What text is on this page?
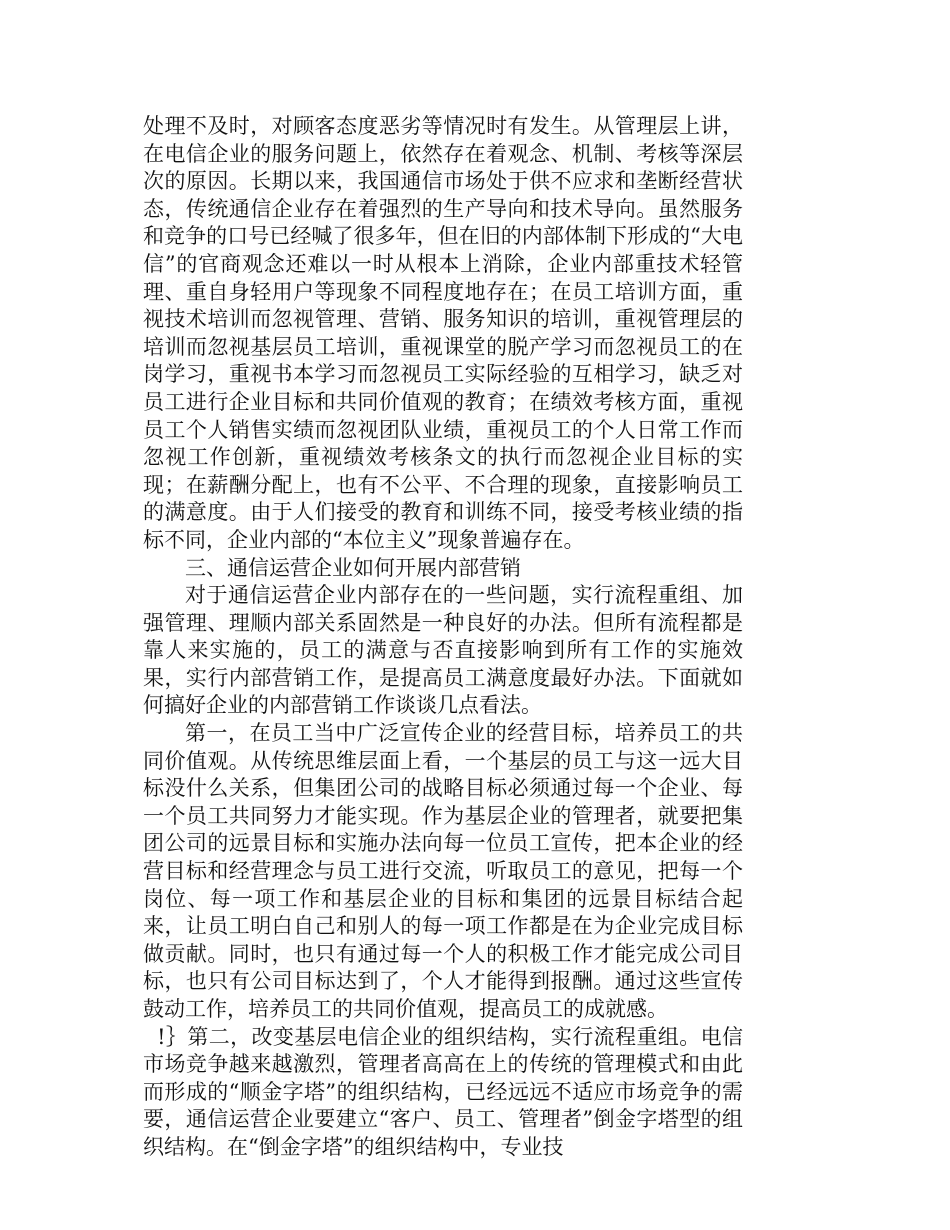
处理不及时，对顾客态度恶劣等情况时有发生。从管理层上讲，在电信企业的服务问题上，依然存在着观念、机制、考核等深层次的原因。长期以来，我国通信市场处于供不应求和垄断经营状态，传统通信企业存在着强烈的生产导向和技术导向。虽然服务和竞争的口号已经喊了很多年，但在旧的内部体制下形成的“大电信”的官商观念还难以一时从根本上消除，企业内部重技术轻管理、重自身轻用户等现象不同程度地存在；在员工培训方面，重视技术培训而忽视管理、营销、服务知识的培训，重视管理层的培训而忽视基层员工培训，重视课堂的脱产学习而忽视员工的在岗学习，重视书本学习而忽视员工实际经验的互相学习，缺乏对员工进行企业目标和共同价值观的教育；在绩效考核方面，重视员工个人销售实绩而忽视团队业绩，重视员工的个人日常工作而忽视工作创新，重视绩效考核条文的执行而忽视企业目标的实现；在薪酬分配上，也有不公平、不合理的现象，直接影响员工的满意度。由于人们接受的教育和训练不同，接受考核业绩的指标不同，企业内部的“本位主义”现象普遍存在。

三、通信运营企业如何开展内部营销

对于通信运营企业内部存在的一些问题，实行流程重组、加强管理、理顺内部关系固然是一种良好的办法。但所有流程都是靠人来实施的，员工的满意与否直接影响到所有工作的实施效果，实行内部营销工作，是提高员工满意度最好办法。下面就如何搞好企业的内部营销工作谈谈几点看法。

第一，在员工当中广泛宣传企业的经营目标，培养员工的共同价值观。从传统思维层面上看，一个基层的员工与这一远大目标没什么关系，但集团公司的战略目标必须通过每一个企业、每一个员工共同努力才能实现。作为基层企业的管理者，就要把集团公司的远景目标和实施办法向每一位员工宣传，把本企业的经营目标和经营理念与员工进行交流，听取员工的意见，把每一个岗位、每一项工作和基层企业的目标和集团的远景目标结合起来，让员工明白自己和别人的每一项工作都是在为企业完成目标做贡献。同时，也只有通过每一个人的积极工作才能完成公司目标，也只有公司目标达到了，个人才能得到报酬。通过这些宣传鼓动工作，培养员工的共同价值观，提高员工的成就感。

!｝第二，改变基层电信企业的组织结构，实行流程重组。电信市场竞争越来越激烈，管理者高高在上的传统的管理模式和由此而形成的“顺金字塔”的组织结构，已经远远不适应市场竞争的需要，通信运营企业要建立“客户、员工、管理者”倒金字塔型的组织结构。在“倒金字塔”的组织结构中，专业技
